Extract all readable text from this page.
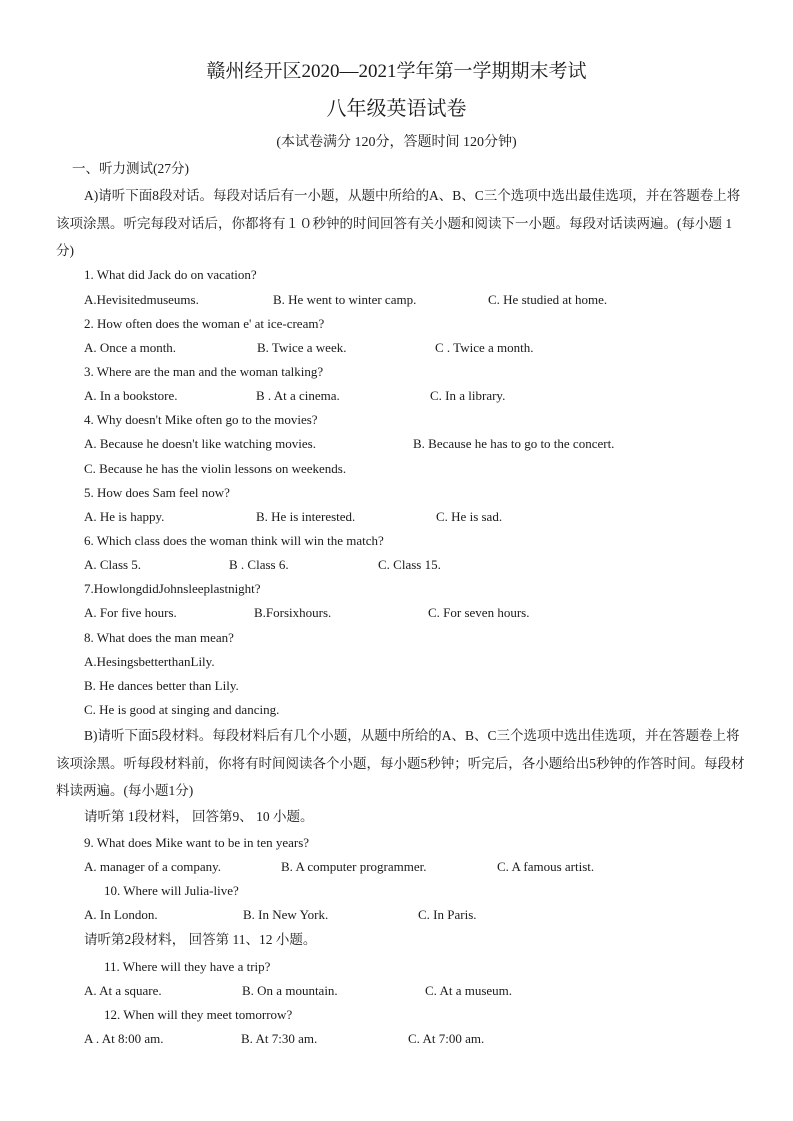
赣州经开区2020—2021学年第一学期期末考试
八年级英语试卷
(本试卷满分 120分，答题时间 120分钟)
一、听力测试(27分)
A)请听下面8段对话。每段对话后有一小题，从题中所给的A、B、C三个选项中选出最佳选项，并在答题卷上将该项涂黑。听完每段对话后，你都将有１０秒钟的时间回答有关小题和阅读下一小题。每段对话读两遍。(每小题 1分)
1. What did Jack do on vacation?
A.Hevisitedmuseums.	B. He went to winter camp.	C. He studied at home.
2. How often does the woman e' at ice-cream?
A. Once a month.	B. Twice a week.	C . Twice a month.
3. Where are the man and the woman talking?
A. In a bookstore.	B . At a cinema.	C. In a library.
4. Why doesn't Mike often go to the movies?
A. Because he doesn't like watching movies.	B. Because he has to go to the concert.
C. Because he has the violin lessons on weekends.
5. How does Sam feel now?
A. He is happy.	B. He is interested.	C. He is sad.
6. Which class does the woman think will win the match?
A. Class 5.	B . Class 6.	C. Class 15.
7.HowlongdidJohnsleeplastnight?
A. For five hours.	B.Forsixhours.	C. For seven hours.
8. What does the man mean?
A.HesingsbetterthanLily.
B. He dances better than Lily.
C. He is good at singing and dancing.
B)请听下面5段材料。每段材料后有几个小题，从题中所给的A、B、C三个选项中选出佳选项，并在答题卷上将该项涂黑。听每段材料前，你将有时间阅读各个小题，每小题5秒钟；听完后，各小题给出5秒钟的作答时间。每段材料读两遍。(每小题1分)
请听第 1段材料， 回答第9、 10 小题。
9. What does Mike want to be in ten years?
A. manager of a company.	B. A computer programmer.	C. A famous artist.
10. Where will Julia-live?
A. In London.	B. In New York.	C. In Paris.
请听第2段材料， 回答第 11、12 小题。
11. Where will they have a trip?
A. At a square.	B. On a mountain.	C. At a museum.
12. When will they meet tomorrow?
A . At 8:00 am.	B. At 7:30 am.	C. At 7:00 am.
